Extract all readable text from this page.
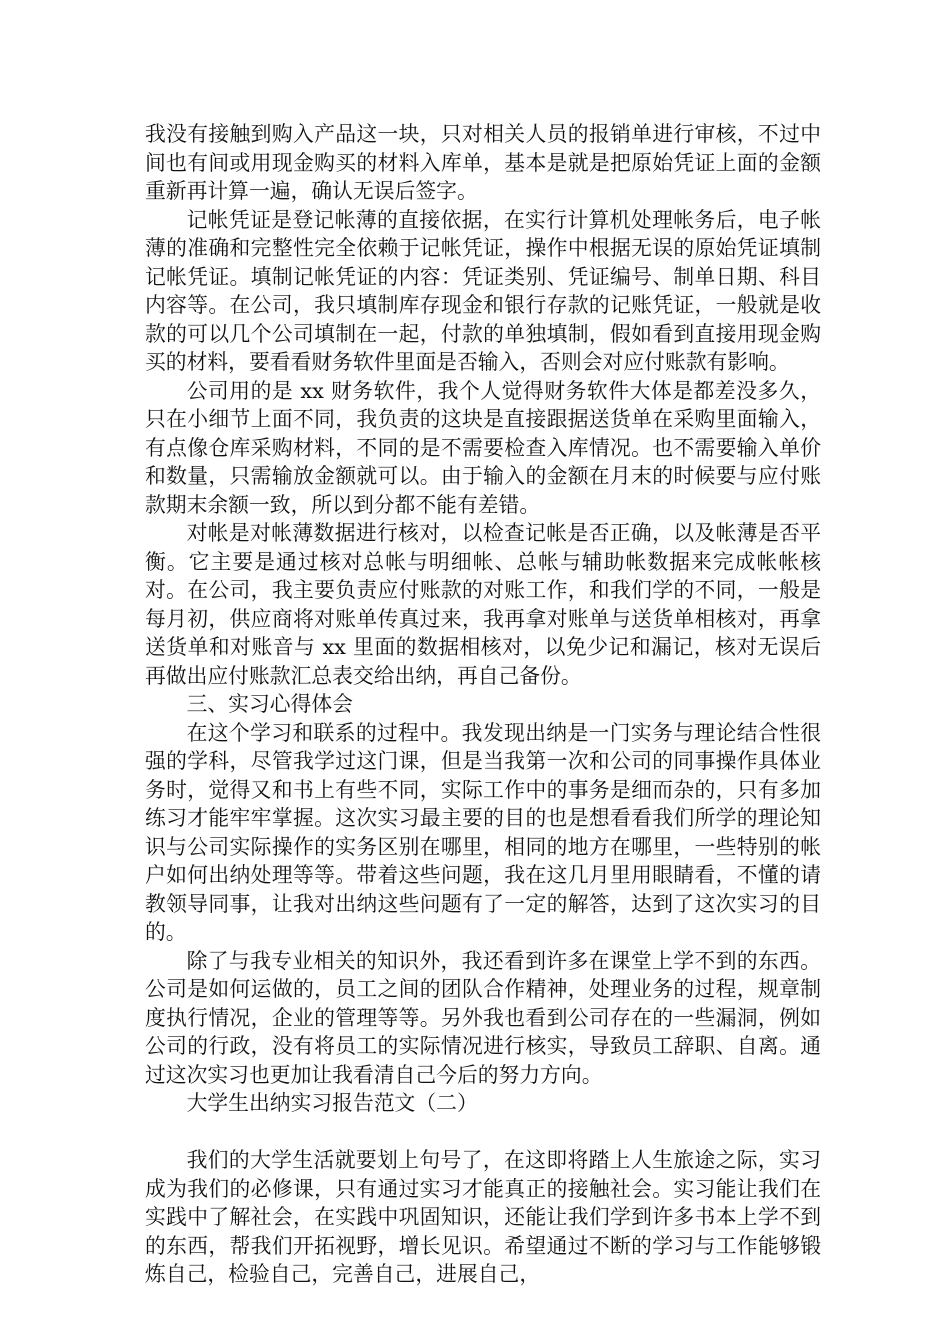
我没有接触到购入产品这一块，只对相关人员的报销单进行审核，不过中间也有间或用现金购买的材料入库单，基本是就是把原始凭证上面的金额重新再计算一遍，确认无误后签字。

记帐凭证是登记帐薄的直接依据，在实行计算机处理帐务后，电子帐薄的准确和完整性完全依赖于记帐凭证，操作中根据无误的原始凭证填制记帐凭证。填制记帐凭证的内容：凭证类别、凭证编号、制单日期、科目内容等。在公司，我只填制库存现金和银行存款的记账凭证，一般就是收款的可以几个公司填制在一起，付款的单独填制，假如看到直接用现金购买的材料，要看看财务软件里面是否输入，否则会对应付账款有影响。

公司用的是 xx 财务软件，我个人觉得财务软件大体是都差没多久，只在小细节上面不同，我负责的这块是直接跟据送货单在采购里面输入，有点像仓库采购材料，不同的是不需要检查入库情况。也不需要输入单价和数量，只需输放金额就可以。由于输入的金额在月末的时候要与应付账款期末余额一致，所以到分都不能有差错。

对帐是对帐薄数据进行核对，以检查记帐是否正确，以及帐薄是否平衡。它主要是通过核对总帐与明细帐、总帐与辅助帐数据来完成帐帐核对。在公司，我主要负责应付账款的对账工作，和我们学的不同，一般是每月初，供应商将对账单传真过来，我再拿对账单与送货单相核对，再拿送货单和对账音与 xx 里面的数据相核对，以免少记和漏记，核对无误后再做出应付账款汇总表交给出纳，再自己备份。

三、实习心得体会

在这个学习和联系的过程中。我发现出纳是一门实务与理论结合性很强的学科，尽管我学过这门课，但是当我第一次和公司的同事操作具体业务时，觉得又和书上有些不同，实际工作中的事务是细而杂的，只有多加练习才能牢牢掌握。这次实习最主要的目的也是想看看我们所学的理论知识与公司实际操作的实务区别在哪里，相同的地方在哪里，一些特别的帐户如何出纳处理等等。带着这些问题，我在这几月里用眼睛看，不懂的请教领导同事，让我对出纳这些问题有了一定的解答，达到了这次实习的目的。

除了与我专业相关的知识外，我还看到许多在课堂上学不到的东西。公司是如何运做的，员工之间的团队合作精神，处理业务的过程，规章制度执行情况，企业的管理等等。另外我也看到公司存在的一些漏洞，例如公司的行政，没有将员工的实际情况进行核实，导致员工辞职、自离。通过这次实习也更加让我看清自己今后的努力方向。

大学生出纳实习报告范文（二）

我们的大学生活就要划上句号了，在这即将踏上人生旅途之际，实习成为我们的必修课，只有通过实习才能真正的接触社会。实习能让我们在实践中了解社会，在实践中巩固知识，还能让我们学到许多书本上学不到的东西，帮我们开拓视野，增长见识。希望通过不断的学习与工作能够锻炼自己，检验自己，完善自己，进展自己，
